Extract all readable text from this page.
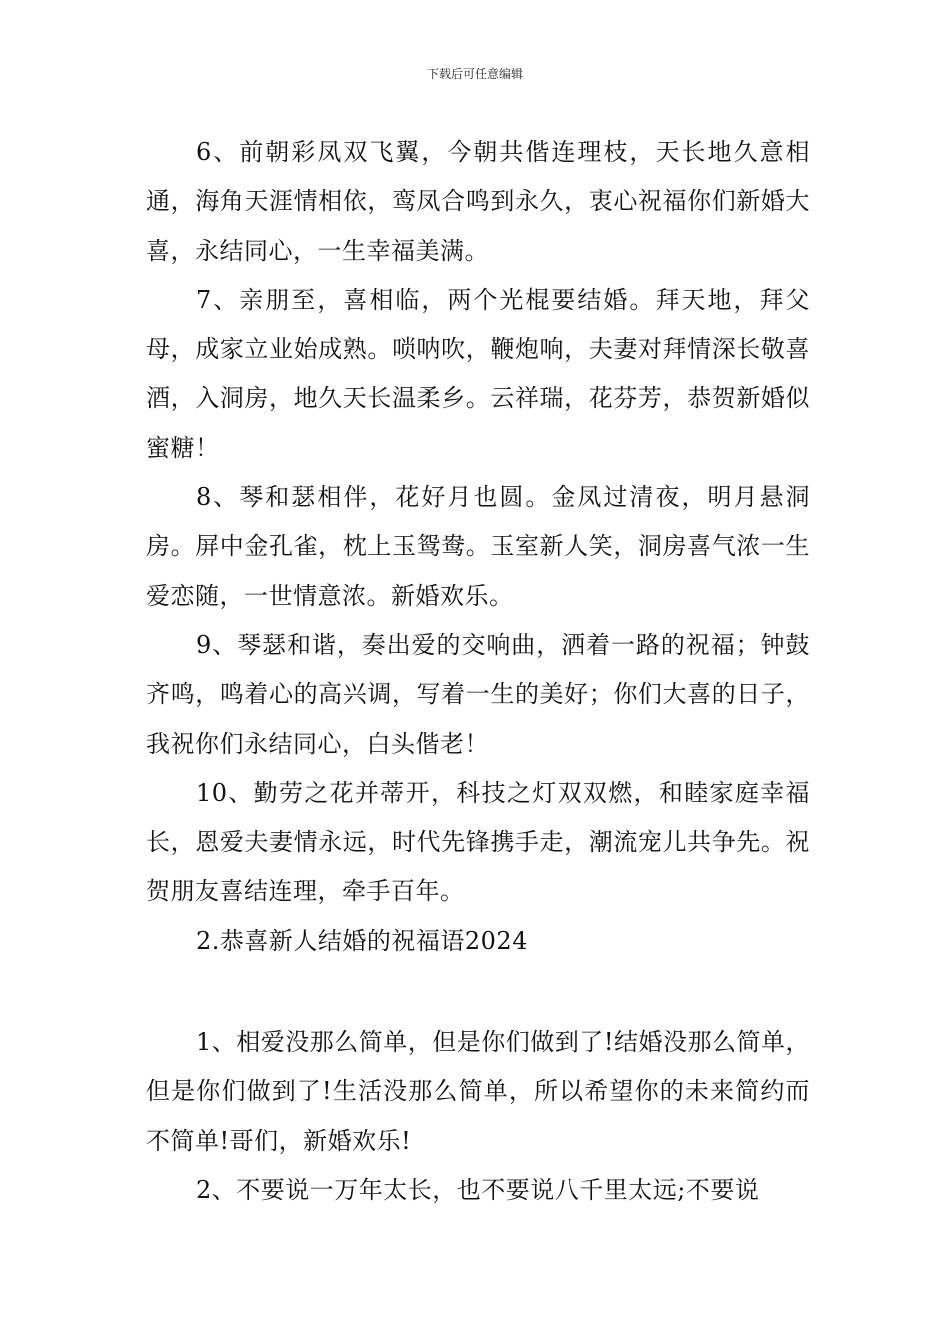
下载后可任意编辑

6、前朝彩凤双飞翼，今朝共偕连理枝，天长地久意相通，海角天涯情相依，鸾凤合鸣到永久，衷心祝福你们新婚大喜，永结同心，一生幸福美满。

7、亲朋至，喜相临，两个光棍要结婚。拜天地，拜父母，成家立业始成熟。唢呐吹，鞭炮响，夫妻对拜情深长敬喜酒，入洞房，地久天长温柔乡。云祥瑞，花芬芳，恭贺新婚似蜜糖！

8、琴和瑟相伴，花好月也圆。金凤过清夜，明月悬洞房。屏中金孔雀，枕上玉鸳鸯。玉室新人笑，洞房喜气浓一生爱恋随，一世情意浓。新婚欢乐。

9、琴瑟和谐，奏出爱的交响曲，洒着一路的祝福；钟鼓齐鸣，鸣着心的高兴调，写着一生的美好；你们大喜的日子，我祝你们永结同心，白头偕老！

10、勤劳之花并蒂开，科技之灯双双燃，和睦家庭幸福长，恩爱夫妻情永远，时代先锋携手走，潮流宠儿共争先。祝贺朋友喜结连理，牵手百年。

2.恭喜新人结婚的祝福语2024

1、相爱没那么简单，但是你们做到了!结婚没那么简单，但是你们做到了!生活没那么简单，所以希望你的未来简约而不简单!哥们，新婚欢乐!

2、不要说一万年太长，也不要说八千里太远;不要说
